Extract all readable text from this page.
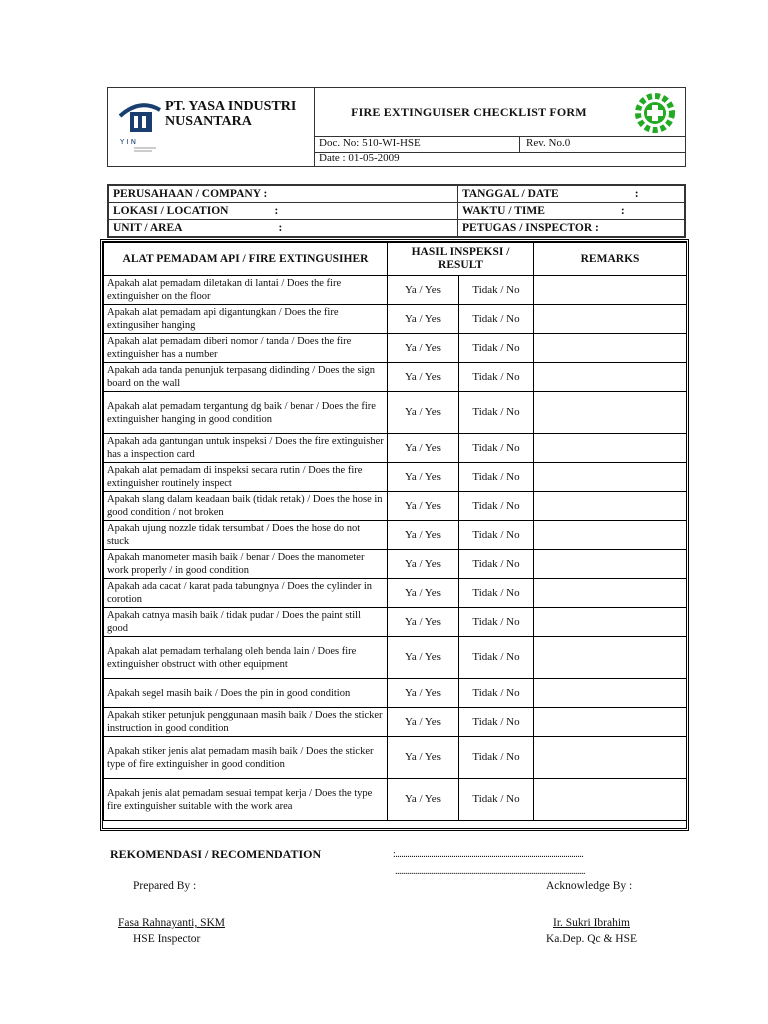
Y I N
PT. YASA INDUSTRI
NUSANTARA
FIRE EXTINGUISER CHECKLIST FORM
Doc. No: 510-WI-HSE	Rev. No.0
Date : 01-05-2009
PERUSAHAAN / COMPANY :	TANGGAL / DATE :
LOKASI / LOCATION :	WAKTU / TIME :
UNIT / AREA :	PETUGAS / INSPECTOR :
ALAT PEMADAM API / FIRE EXTINGUSIHER	HASIL INSPEKSI / RESULT		REMARKS
Apakah alat pemadam diletakan di lantai / Does the fire extinguisher on the floor	Ya / Yes	Tidak / No	
Apakah alat pemadam api digantungkan / Does the fire extingusiher hanging	Ya / Yes	Tidak / No	
Apakah alat pemadam diberi nomor / tanda / Does the fire extinguisher has a number	Ya / Yes	Tidak / No	
Apakah ada tanda penunjuk terpasang didinding / Does the sign board on the wall	Ya / Yes	Tidak / No	
Apakah alat pemadam tergantung dg baik / benar / Does the fire extinguisher hanging in good condition	Ya / Yes	Tidak / No	
Apakah ada gantungan untuk inspeksi / Does the fire extinguisher has a inspection card	Ya / Yes	Tidak / No	
Apakah alat pemadam di inspeksi secara rutin / Does the fire extinguisher routinely inspect	Ya / Yes	Tidak / No	
Apakah slang dalam keadaan baik (tidak retak) / Does the hose in good condition / not broken	Ya / Yes	Tidak / No	
Apakah ujung nozzle tidak tersumbat / Does the hose do not stuck	Ya / Yes	Tidak / No	
Apakah manometer masih baik / benar / Does the manometer work properly / in good condition	Ya / Yes	Tidak / No	
Apakah ada cacat / karat pada tabungnya / Does the cylinder in corotion	Ya / Yes	Tidak / No	
Apakah catnya masih baik / tidak pudar / Does the paint still good	Ya / Yes	Tidak / No	
Apakah alat pemadam terhalang oleh benda lain / Does fire extinguisher obstruct with other equipment	Ya / Yes	Tidak / No	
Apakah segel masih baik / Does the pin in good condition	Ya / Yes	Tidak / No	
Apakah stiker petunjuk penggunaan masih baik / Does the sticker instruction in good condition	Ya / Yes	Tidak / No	
Apakah stiker jenis alat pemadam masih baik / Does the sticker type of fire extinguisher in good condition	Ya / Yes	Tidak / No	
Apakah jenis alat pemadam sesuai tempat kerja / Does the type fire extinguisher suitable with the work area	Ya / Yes	Tidak / No	
REKOMENDASI / RECOMENDATION	:..............................................................................................
...............................................................................................
Prepared By :	Acknowledge By :
Fasa Rahnayanti, SKM
HSE Inspector
Ir. Sukri Ibrahim
Ka.Dep. Qc & HSE
